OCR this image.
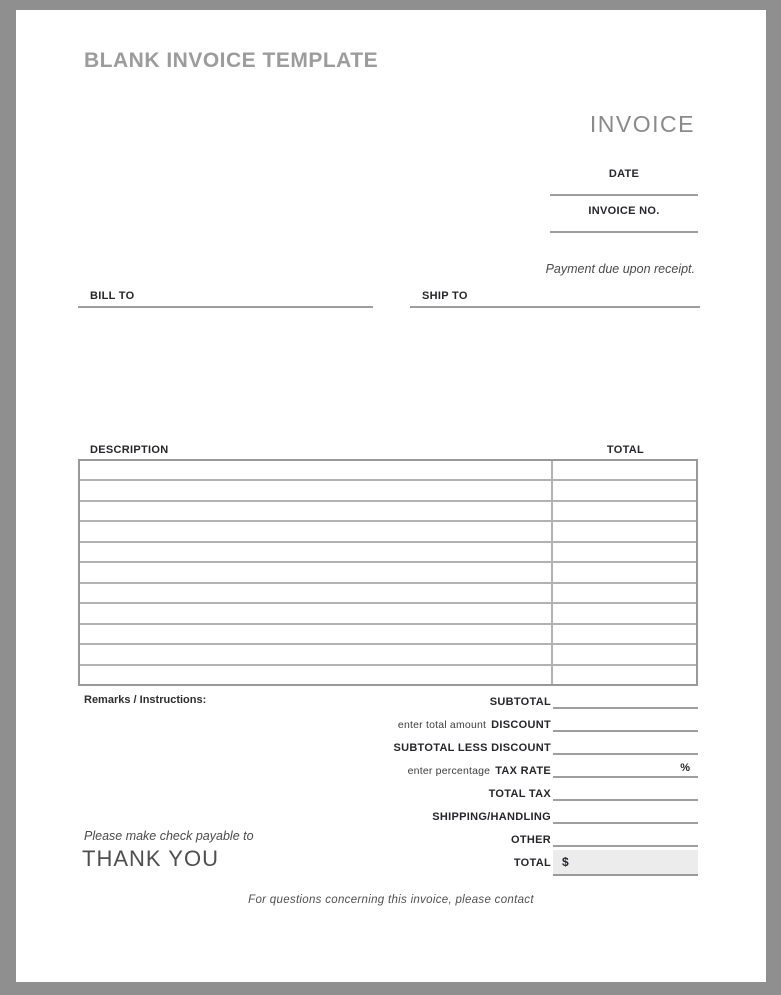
BLANK INVOICE TEMPLATE
INVOICE
DATE
INVOICE NO.
Payment due upon receipt.
BILL TO	SHIP TO
DESCRIPTION	TOTAL
Remarks / Instructions:	SUBTOTAL
enter total amount DISCOUNT
SUBTOTAL LESS DISCOUNT
enter percentage TAX RATE	%
TOTAL TAX
SHIPPING/HANDLING
OTHER
TOTAL $
Please make check payable to
THANK YOU
For questions concerning this invoice, please contact
